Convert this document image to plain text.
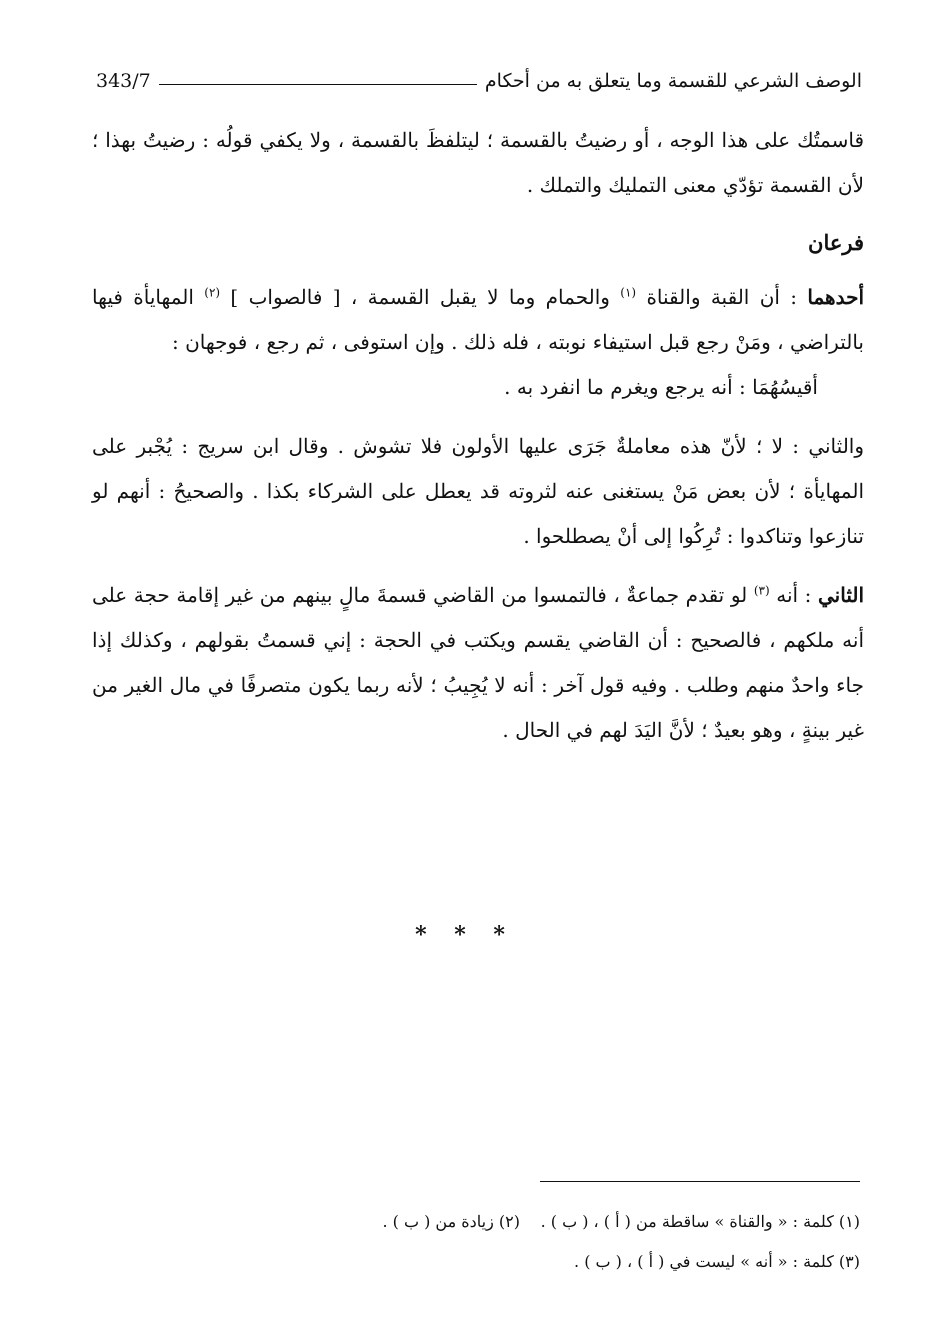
الوصف الشرعي للقسمة وما يتعلق به من أحكام
343/7

قاسمتُك على هذا الوجه ، أو رضيتُ بالقسمة ؛ ليتلفظَ بالقسمة ، ولا يكفي قولُه : رضيتُ بهذا ؛ لأن القسمة تؤدّي معنى التمليك والتملك .

فرعان

أحدهما : أن القبة والقناة $^{(١)}$ والحمام وما لا يقبل القسمة ، [ فالصواب ] $^{(٢)}$ المهايأة فيها بالتراضي ، ومَنْ رجع قبل استيفاء نوبته ، فله ذلك . وإن استوفى ، ثم رجع ، فوجهان :

أقيسُهُمَا : أنه يرجع ويغرم ما انفرد به .

والثاني : لا ؛ لأنّ هذه معاملةٌ جَرَى عليها الأولون فلا تشوش . وقال ابن سريج : يُجْبر على المهايأة ؛ لأن بعض مَنْ يستغنى عنه لثروته قد يعطل على الشركاء بكذا . والصحيحُ : أنهم لو تنازعوا وتناكدوا : تُرِكُوا إلى أنْ يصطلحوا .

الثاني : أنه $^{(٣)}$ لو تقدم جماعةٌ ، فالتمسوا من القاضي قسمةَ مالٍ بينهم من غير إقامة حجة على أنه ملكهم ، فالصحيح : أن القاضي يقسم ويكتب في الحجة : إني قسمتُ بقولهم ، وكذلك إذا جاء واحدٌ منهم وطلب . وفيه قول آخر : أنه لا يُجِيبُ ؛ لأنه ربما يكون متصرفًا في مال الغير من غير بينةٍ ، وهو بعيدٌ ؛ لأنَّ اليَدَ لهم في الحال .

* * *
(١) كلمة : « والقناة » ساقطة من ( أ ) ، ( ب ) .
(٢) زيادة من ( ب ) .
(٣) كلمة : « أنه » ليست في ( أ ) ، ( ب ) .
